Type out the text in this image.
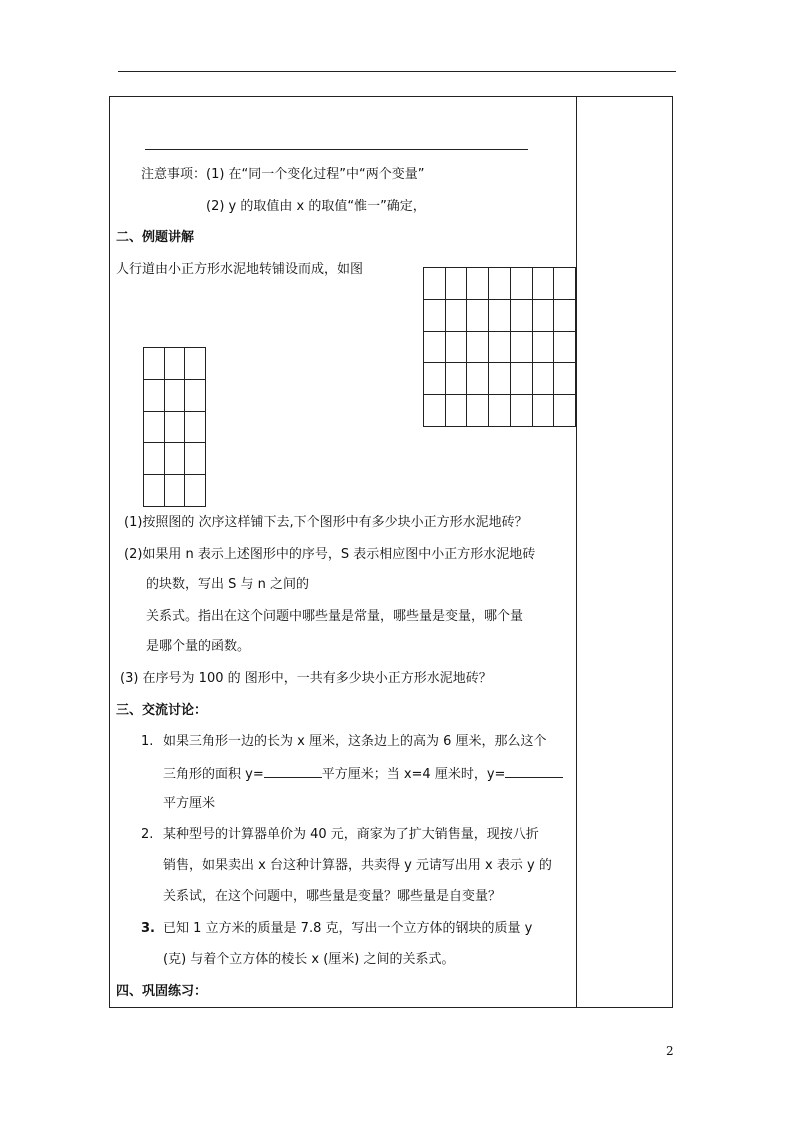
注意事项：(1) 在“同一个变化过程”中“两个变量”
(2) y 的取值由 x 的取值“惟一”确定，
二、例题讲解
人行道由小正方形水泥地转铺设而成，如图

(1)按照图的 次序这样铺下去,下个图形中有多少块小正方形水泥地砖？
(2)如果用 n 表示上述图形中的序号，S 表示相应图中小正方形水泥地砖
的块数，写出 S 与 n 之间的
关系式。指出在这个问题中哪些量是常量，哪些量是变量，哪个量
是哪个量的函数。
(3) 在序号为 100 的 图形中，一共有多少块小正方形水泥地砖？
三、交流讨论：
1. 如果三角形一边的长为 x 厘米，这条边上的高为 6 厘米，那么这个
三角形的面积 y=	平方厘米；当 x=4 厘米时，y=
平方厘米
2. 某种型号的计算器单价为 40 元，商家为了扩大销售量，现按八折
销售，如果卖出 x 台这种计算器，共卖得 y 元请写出用 x 表示 y 的
关系试，在这个问题中，哪些量是变量？哪些量是自变量？
3. 已知 1 立方米的质量是 7.8 克，写出一个立方体的钢块的质量 y
(克) 与着个立方体的棱长 x (厘米) 之间的关系式。
四、巩固练习：
2
